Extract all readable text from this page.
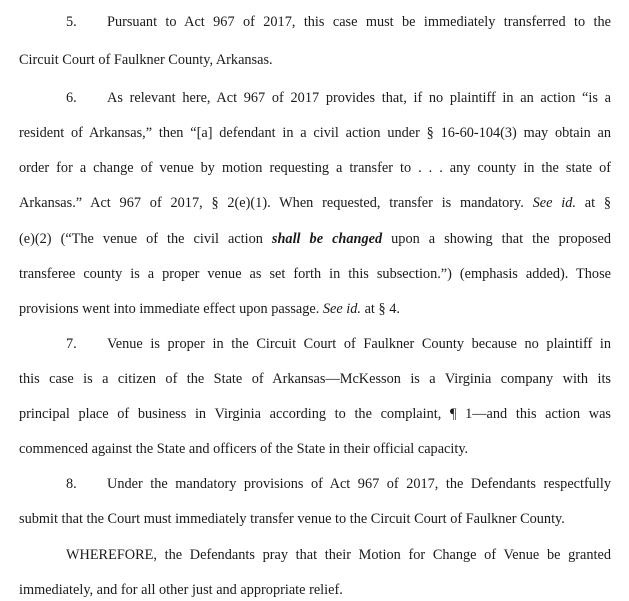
5. Pursuant to Act 967 of 2017, this case must be immediately transferred to the
Circuit Court of Faulkner County, Arkansas.
6. As relevant here, Act 967 of 2017 provides that, if no plaintiff in an action “is a
resident of Arkansas,” then “[a] defendant in a civil action under § 16-60-104(3) may obtain an
order for a change of venue by motion requesting a transfer to . . . any county in the state of
Arkansas.” Act 967 of 2017, § 2(e)(1). When requested, transfer is mandatory. See id. at §
(e)(2) (“The venue of the civil action shall be changed upon a showing that the proposed
transferee county is a proper venue as set forth in this subsection.”) (emphasis added). Those
provisions went into immediate effect upon passage. See id. at § 4.
7. Venue is proper in the Circuit Court of Faulkner County because no plaintiff in
this case is a citizen of the State of Arkansas—McKesson is a Virginia company with its
principal place of business in Virginia according to the complaint, ¶ 1—and this action was
commenced against the State and officers of the State in their official capacity.
8. Under the mandatory provisions of Act 967 of 2017, the Defendants respectfully
submit that the Court must immediately transfer venue to the Circuit Court of Faulkner County.
WHEREFORE, the Defendants pray that their Motion for Change of Venue be granted
immediately, and for all other just and appropriate relief.
